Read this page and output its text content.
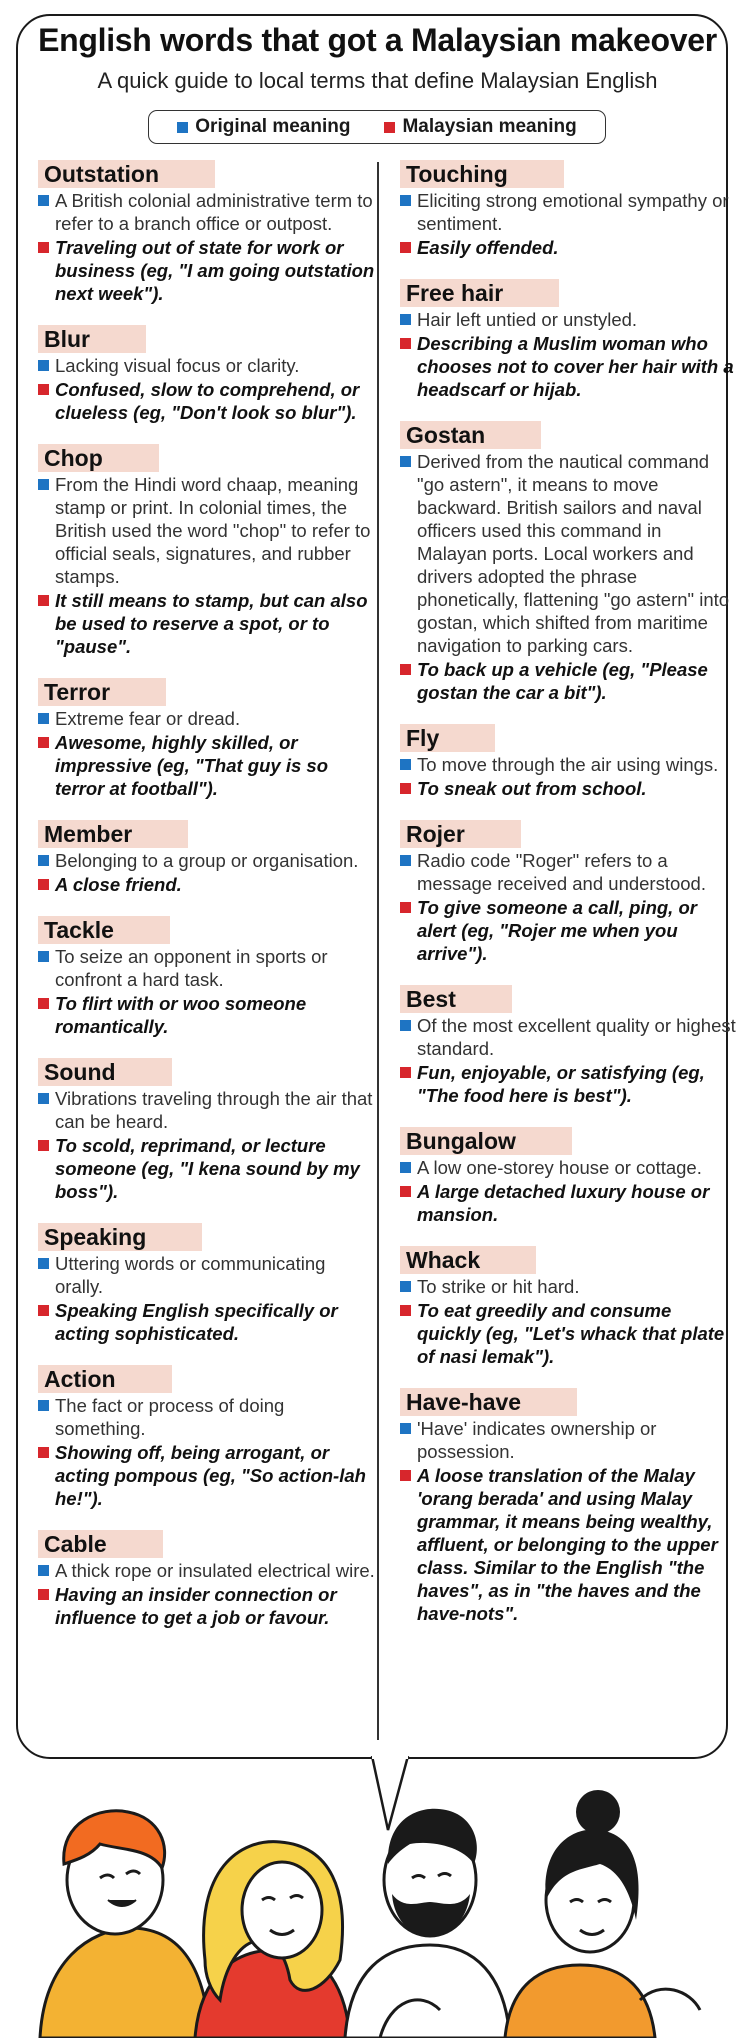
English words that got a Malaysian makeover
A quick guide to local terms that define Malaysian English
Original meaning	Malaysian meaning
Outstation
A British colonial administrative term to refer to a branch office or outpost.
Traveling out of state for work or business (eg, "I am going outstation next week").
Blur
Lacking visual focus or clarity.
Confused, slow to comprehend, or clueless (eg, "Don't look so blur").
Chop
From the Hindi word chaap, meaning stamp or print. In colonial times, the British used the word "chop" to refer to official seals, signatures, and rubber stamps.
It still means to stamp, but can also be used to reserve a spot, or to "pause".
Terror
Extreme fear or dread.
Awesome, highly skilled, or impressive (eg, "That guy is so terror at football").
Member
Belonging to a group or organisation.
A close friend.
Tackle
To seize an opponent in sports or confront a hard task.
To flirt with or woo someone romantically.
Sound
Vibrations traveling through the air that can be heard.
To scold, reprimand, or lecture someone (eg, "I kena sound by my boss").
Speaking
Uttering words or communicating orally.
Speaking English specifically or acting sophisticated.
Action
The fact or process of doing something.
Showing off, being arrogant, or acting pompous (eg, "So action-lah he!").
Cable
A thick rope or insulated electrical wire.
Having an insider connection or influence to get a job or favour.
Touching
Eliciting strong emotional sympathy or sentiment.
Easily offended.
Free hair
Hair left untied or unstyled.
Describing a Muslim woman who chooses not to cover her hair with a headscarf or hijab.
Gostan
Derived from the nautical command "go astern", it means to move backward. British sailors and naval officers used this command in Malayan ports. Local workers and drivers adopted the phrase phonetically, flattening "go astern" into gostan, which shifted from maritime navigation to parking cars.
To back up a vehicle (eg, "Please gostan the car a bit").
Fly
To move through the air using wings.
To sneak out from school.
Rojer
Radio code "Roger" refers to a message received and understood.
To give someone a call, ping, or alert (eg, "Rojer me when you arrive").
Best
Of the most excellent quality or highest standard.
Fun, enjoyable, or satisfying (eg, "The food here is best").
Bungalow
A low one-storey house or cottage.
A large detached luxury house or mansion.
Whack
To strike or hit hard.
To eat greedily and consume quickly (eg, "Let's whack that plate of nasi lemak").
Have-have
'Have' indicates ownership or possession.
A loose translation of the Malay 'orang berada' and using Malay grammar, it means being wealthy, affluent, or belonging to the upper class. Similar to the English "the haves", as in "the haves and the have-nots".
